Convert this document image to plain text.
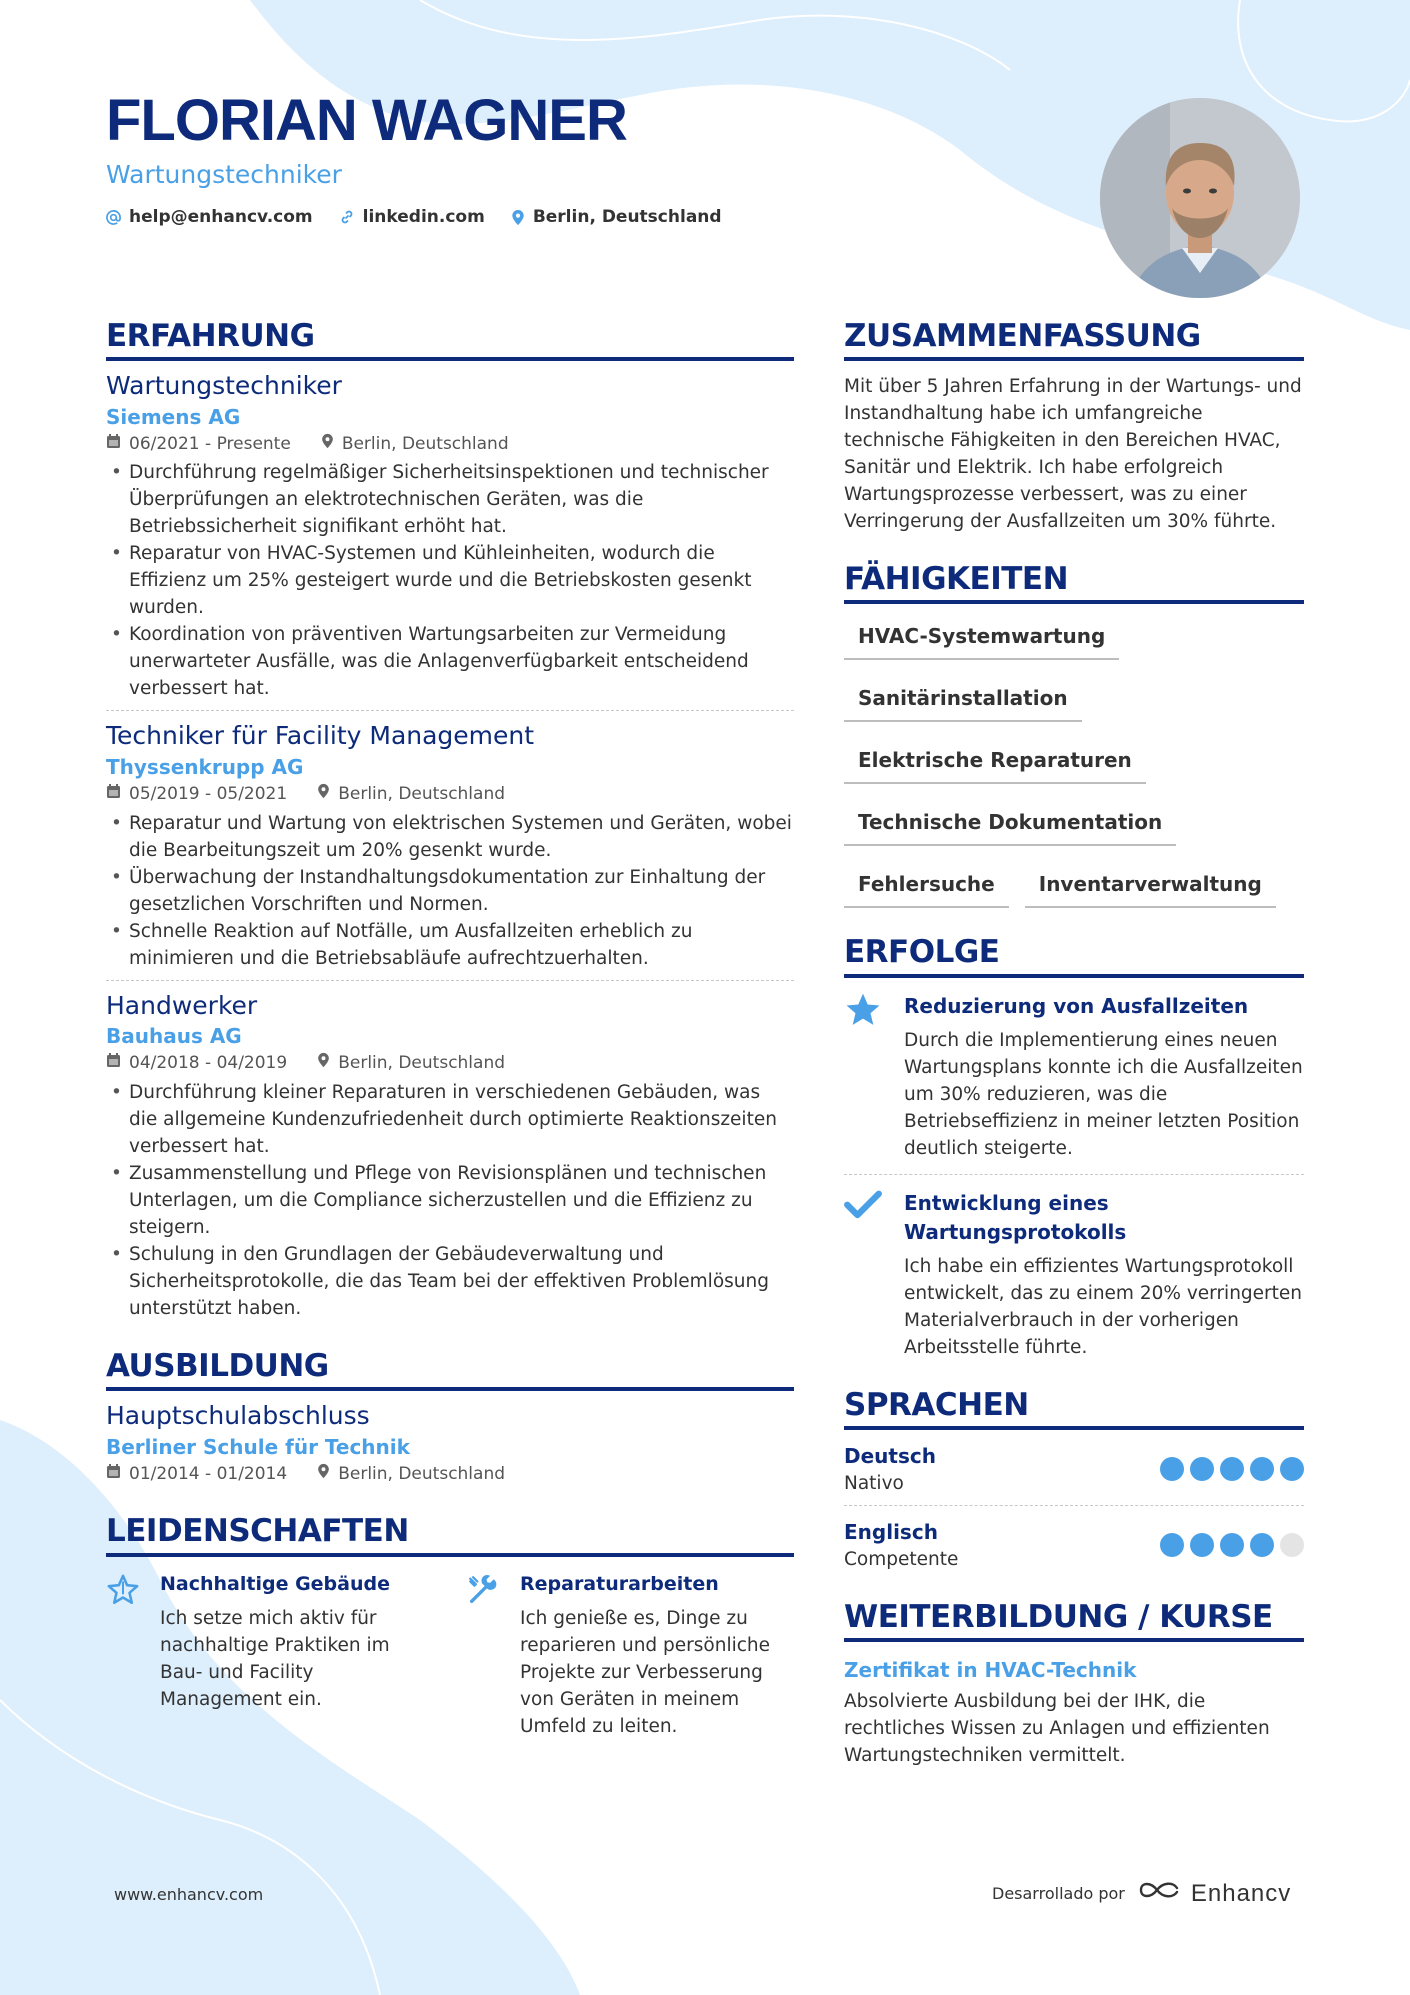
FLORIAN WAGNER
Wartungstechniker
help@enhancv.com	linkedin.com	Berlin, Deutschland
ERFAHRUNG
Wartungstechniker
Siemens AG
06/2021 - Presente	Berlin, Deutschland
• Durchführung regelmäßiger Sicherheitsinspektionen und technischer Überprüfungen an elektrotechnischen Geräten, was die Betriebssicherheit signifikant erhöht hat.
• Reparatur von HVAC-Systemen und Kühleinheiten, wodurch die Effizienz um 25% gesteigert wurde und die Betriebskosten gesenkt wurden.
• Koordination von präventiven Wartungsarbeiten zur Vermeidung unerwarteter Ausfälle, was die Anlagenverfügbarkeit entscheidend verbessert hat.
Techniker für Facility Management
Thyssenkrupp AG
05/2019 - 05/2021	Berlin, Deutschland
• Reparatur und Wartung von elektrischen Systemen und Geräten, wobei die Bearbeitungszeit um 20% gesenkt wurde.
• Überwachung der Instandhaltungsdokumentation zur Einhaltung der gesetzlichen Vorschriften und Normen.
• Schnelle Reaktion auf Notfälle, um Ausfallzeiten erheblich zu minimieren und die Betriebsabläufe aufrechtzuerhalten.
Handwerker
Bauhaus AG
04/2018 - 04/2019	Berlin, Deutschland
• Durchführung kleiner Reparaturen in verschiedenen Gebäuden, was die allgemeine Kundenzufriedenheit durch optimierte Reaktionszeiten verbessert hat.
• Zusammenstellung und Pflege von Revisionsplänen und technischen Unterlagen, um die Compliance sicherzustellen und die Effizienz zu steigern.
• Schulung in den Grundlagen der Gebäudeverwaltung und Sicherheitsprotokolle, die das Team bei der effektiven Problemlösung unterstützt haben.
AUSBILDUNG
Hauptschulabschluss
Berliner Schule für Technik
01/2014 - 01/2014	Berlin, Deutschland
LEIDENSCHAFTEN
Nachhaltige Gebäude
Ich setze mich aktiv für nachhaltige Praktiken im Bau- und Facility Management ein.
Reparaturarbeiten
Ich genieße es, Dinge zu reparieren und persönliche Projekte zur Verbesserung von Geräten in meinem Umfeld zu leiten.
ZUSAMMENFASSUNG
Mit über 5 Jahren Erfahrung in der Wartungs- und Instandhaltung habe ich umfangreiche technische Fähigkeiten in den Bereichen HVAC, Sanitär und Elektrik. Ich habe erfolgreich Wartungsprozesse verbessert, was zu einer Verringerung der Ausfallzeiten um 30% führte.
FÄHIGKEITEN
HVAC-Systemwartung
Sanitärinstallation
Elektrische Reparaturen
Technische Dokumentation
Fehlersuche	Inventarverwaltung
ERFOLGE
Reduzierung von Ausfallzeiten
Durch die Implementierung eines neuen Wartungsplans konnte ich die Ausfallzeiten um 30% reduzieren, was die Betriebseffizienz in meiner letzten Position deutlich steigerte.
Entwicklung eines Wartungsprotokolls
Ich habe ein effizientes Wartungsprotokoll entwickelt, das zu einem 20% verringerten Materialverbrauch in der vorherigen Arbeitsstelle führte.
SPRACHEN
Deutsch
Nativo
Englisch
Competente
WEITERBILDUNG / KURSE
Zertifikat in HVAC-Technik
Absolvierte Ausbildung bei der IHK, die rechtliches Wissen zu Anlagen und effizienten Wartungstechniken vermittelt.
www.enhancv.com	Desarrollado por	Enhancv
